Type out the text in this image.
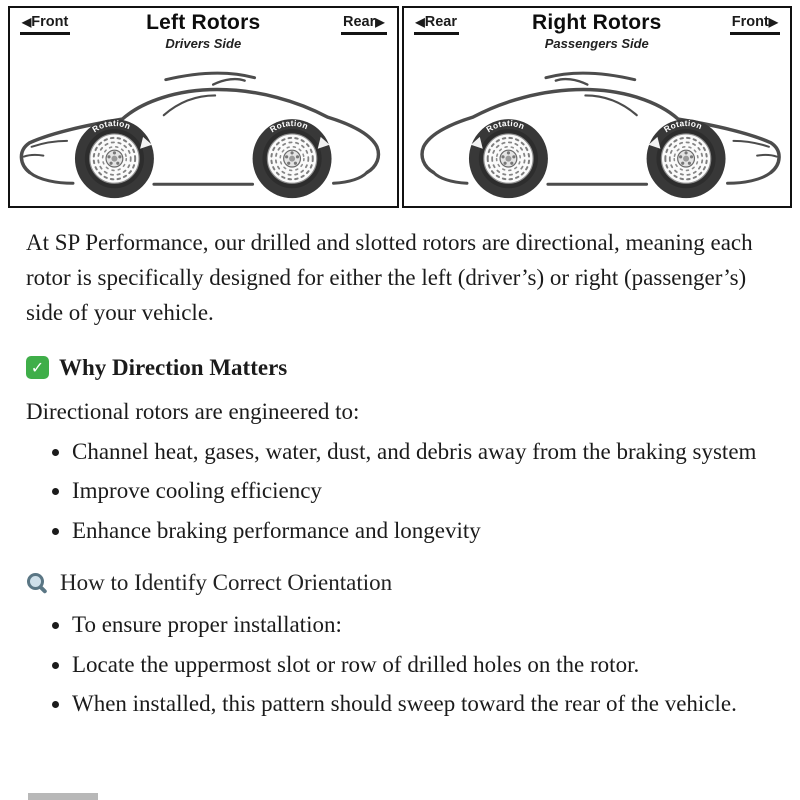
◀Front	Left Rotors
Drivers Side
Rear▶
Rotation	Rotation
◀Rear	Right Rotors
Passengers Side
Front▶
Rotation	Rotation

At SP Performance, our drilled and slotted rotors are directional, meaning each rotor is specifically designed for either the left (driver’s) or right (passenger’s) side of your vehicle.

✓ Why Direction Matters

Directional rotors are engineered to:

• Channel heat, gases, water, dust, and debris away from the braking system
• Improve cooling efficiency
• Enhance braking performance and longevity
How to Identify Correct Orientation
• To ensure proper installation:
• Locate the uppermost slot or row of drilled holes on the rotor.
• When installed, this pattern should sweep toward the rear of the vehicle.
